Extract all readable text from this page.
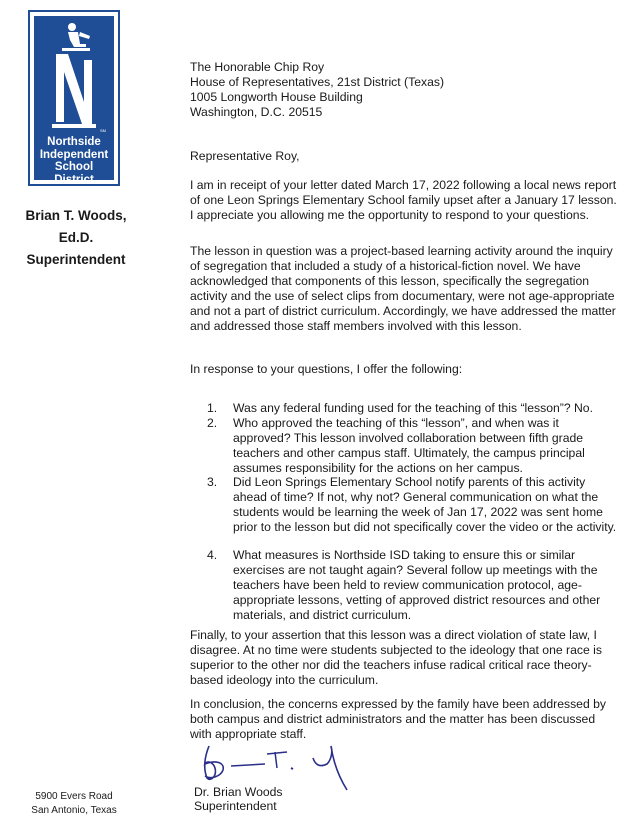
SM
Northside
Independent
School
District
Brian T. Woods, Ed.D.
Superintendent
5900 Evers Road
San Antonio, Texas
The Honorable Chip Roy
House of Representatives, 21st District (Texas)
1005 Longworth House Building
Washington, D.C. 20515
Representative Roy,
I am in receipt of your letter dated March 17, 2022 following a local news report of one Leon Springs Elementary School family upset after a January 17 lesson. I appreciate you allowing me the opportunity to respond to your questions.
The lesson in question was a project-based learning activity around the inquiry of segregation that included a study of a historical-fiction novel. We have acknowledged that components of this lesson, specifically the segregation activity and the use of select clips from documentary, were not age-appropriate and not a part of district curriculum. Accordingly, we have addressed the matter and addressed those staff members involved with this lesson.
In response to your questions, I offer the following:
1. Was any federal funding used for the teaching of this “lesson”? No.
2. Who approved the teaching of this “lesson”, and when was it approved? This lesson involved collaboration between fifth grade teachers and other campus staff. Ultimately, the campus principal assumes responsibility for the actions on her campus.
3. Did Leon Springs Elementary School notify parents of this activity ahead of time? If not, why not? General communication on what the students would be learning the week of Jan 17, 2022 was sent home prior to the lesson but did not specifically cover the video or the activity.
4. What measures is Northside ISD taking to ensure this or similar exercises are not taught again? Several follow up meetings with the teachers have been held to review communication protocol, age-appropriate lessons, vetting of approved district resources and other materials, and district curriculum.
Finally, to your assertion that this lesson was a direct violation of state law, I disagree. At no time were students subjected to the ideology that one race is superior to the other nor did the teachers infuse radical critical race theory-based ideology into the curriculum.
In conclusion, the concerns expressed by the family have been addressed by both campus and district administrators and the matter has been discussed with appropriate staff.
Dr. Brian Woods
Superintendent
